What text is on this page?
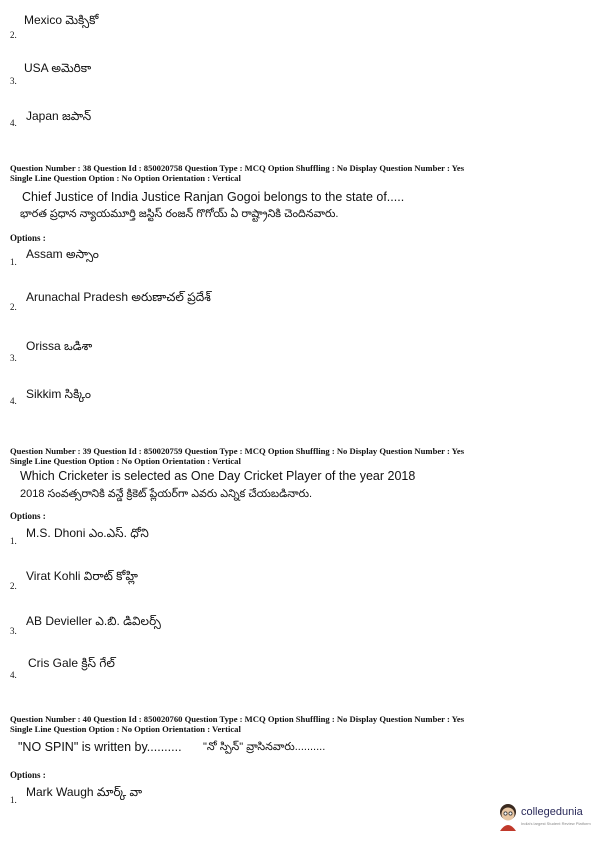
2.
Mexico మెక్సికో
3.
USA అమెరికా
4. Japan జపాన్
Question Number : 38 Question Id : 850020758 Question Type : MCQ Option Shuffling : No Display Question Number : Yes
Single Line Question Option : No Option Orientation : Vertical
Chief Justice of India Justice Ranjan Gogoi belongs to the state of.....
భారత ప్రధాన న్యాయమూర్తి జస్టిస్ రంజన్ గొగోయ్ ఏ రాష్ట్రానికి చెందినవారు.
Options :
1.
Assam అస్సాం
2.
Arunachal Pradesh అరుణాచల్ ప్రదేశ్
3.
Orissa ఒడిశా
4. Sikkim సిక్కిం
Question Number : 39 Question Id : 850020759 Question Type : MCQ Option Shuffling : No Display Question Number : Yes
Single Line Question Option : No Option Orientation : Vertical
Which Cricketer is selected as One Day Cricket Player of the year 2018
2018 సంవత్సరానికి వన్డే క్రికెట్ ప్లేయర్‌గా ఎవరు ఎన్నిక చేయబడినారు.
Options :
1.
M.S. Dhoni ఎం.ఎస్. ధోని
2.
Virat Kohli విరాట్ కోహ్లి
3.
AB Devieller ఎ.బి. డివిలర్స్
4.
Cris Gale క్రిస్ గేల్
Question Number : 40 Question Id : 850020760 Question Type : MCQ Option Shuffling : No Display Question Number : Yes
Single Line Question Option : No Option Orientation : Vertical
"NO SPIN" is written by.......... "నో స్పిన్" వ్రాసినవారు..........
Options :
1.
Mark Waugh మార్క్ వా
collegedunia
India's largest Student Review Platform
